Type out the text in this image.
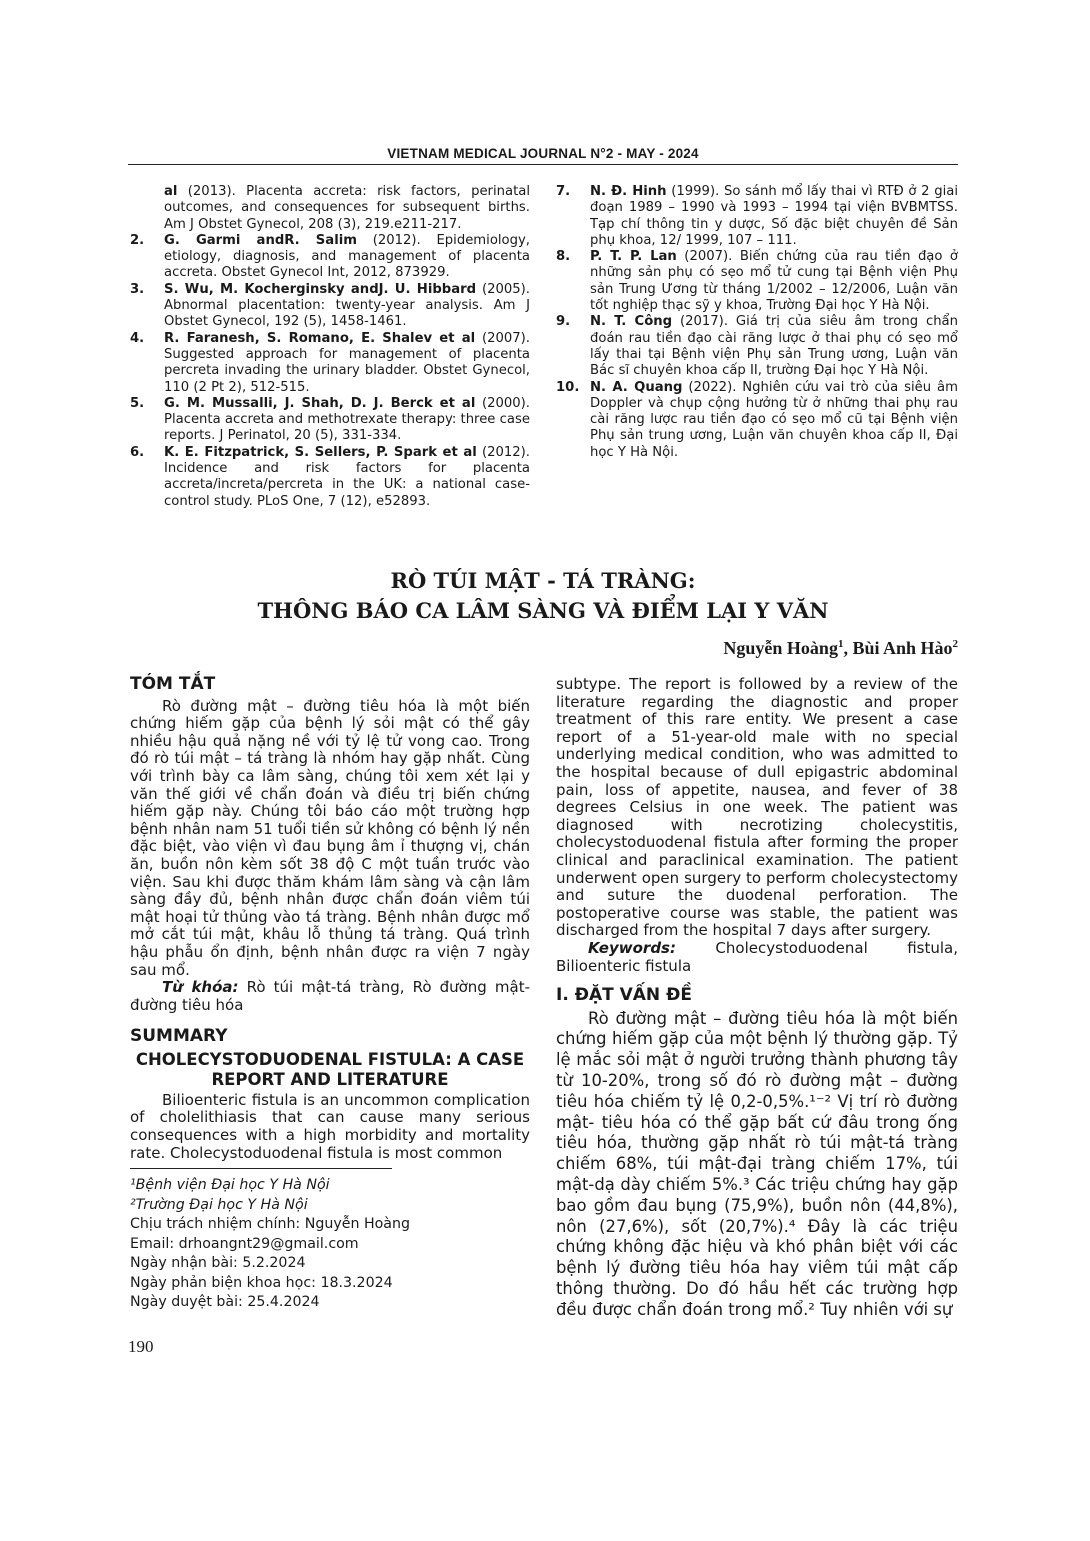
VIETNAM MEDICAL JOURNAL N°2 - MAY - 2024
al (2013). Placenta accreta: risk factors, perinatal outcomes, and consequences for subsequent births. Am J Obstet Gynecol, 208 (3), 219.e211-217.
2.	G. Garmi andR. Salim (2012). Epidemiology, etiology, diagnosis, and management of placenta accreta. Obstet Gynecol Int, 2012, 873929.
3.	S. Wu, M. Kocherginsky andJ. U. Hibbard (2005). Abnormal placentation: twenty-year analysis. Am J Obstet Gynecol, 192 (5), 1458-1461.
4.	R. Faranesh, S. Romano, E. Shalev et al (2007). Suggested approach for management of placenta percreta invading the urinary bladder. Obstet Gynecol, 110 (2 Pt 2), 512-515.
5.	G. M. Mussalli, J. Shah, D. J. Berck et al (2000). Placenta accreta and methotrexate therapy: three case reports. J Perinatol, 20 (5), 331-334.
6.	K. E. Fitzpatrick, S. Sellers, P. Spark et al (2012). Incidence and risk factors for placenta accreta/increta/percreta in the UK: a national case-control study. PLoS One, 7 (12), e52893.
7.	N. Đ. Hinh (1999). So sánh mổ lấy thai vì RTĐ ở 2 giai đoạn 1989 – 1990 và 1993 – 1994 tại viện BVBMTSS. Tạp chí thông tin y dược, Số đặc biệt chuyên đề Sản phụ khoa, 12/ 1999, 107 – 111.
8.	P. T. P. Lan (2007). Biến chứng của rau tiền đạo ở những sản phụ có sẹo mổ tử cung tại Bệnh viện Phụ sản Trung Ương từ tháng 1/2002 – 12/2006, Luận văn tốt nghiệp thạc sỹ y khoa, Trường Đại học Y Hà Nội.
9.	N. T. Công (2017). Giá trị của siêu âm trong chẩn đoán rau tiền đạo cài răng lược ở thai phụ có sẹo mổ lấy thai tại Bệnh viện Phụ sản Trung ương, Luận văn Bác sĩ chuyên khoa cấp II, trường Đại học Y Hà Nội.
10. N. A. Quang (2022). Nghiên cứu vai trò của siêu âm Doppler và chụp cộng hưởng từ ở những thai phụ rau cài răng lược rau tiền đạo có sẹo mổ cũ tại Bệnh viện Phụ sản trung ương, Luận văn chuyên khoa cấp II, Đại học Y Hà Nội.
RÒ TÚI MẬT - TÁ TRÀNG:
THÔNG BÁO CA LÂM SÀNG VÀ ĐIỂM LẠI Y VĂN
Nguyễn Hoàng$^1$, Bùi Anh Hào$^2$
TÓM TẮT

Rò đường mật – đường tiêu hóa là một biến chứng hiếm gặp của bệnh lý sỏi mật có thể gây nhiều hậu quả nặng nề với tỷ lệ tử vong cao. Trong đó rò túi mật – tá tràng là nhóm hay gặp nhất. Cùng với trình bày ca lâm sàng, chúng tôi xem xét lại y văn thế giới về chẩn đoán và điều trị biến chứng hiếm gặp này. Chúng tôi báo cáo một trường hợp bệnh nhân nam 51 tuổi tiền sử không có bệnh lý nền đặc biệt, vào viện vì đau bụng âm ỉ thượng vị, chán ăn, buồn nôn kèm sốt 38 độ C một tuần trước vào viện. Sau khi được thăm khám lâm sàng và cận lâm sàng đầy đủ, bệnh nhân được chẩn đoán viêm túi mật hoại tử thủng vào tá tràng. Bệnh nhân được mổ mở cắt túi mật, khâu lỗ thủng tá tràng. Quá trình hậu phẫu ổn định, bệnh nhân được ra viện 7 ngày sau mổ.

Từ khóa: Rò túi mật-tá tràng, Rò đường mật-đường tiêu hóa

SUMMARY
CHOLECYSTODUODENAL FISTULA: A CASE REPORT AND LITERATURE

Bilioenteric fistula is an uncommon complication of cholelithiasis that can cause many serious consequences with a high morbidity and mortality rate. Cholecystoduodenal fistula is most common

subtype. The report is followed by a review of the literature regarding the diagnostic and proper treatment of this rare entity. We present a case report of a 51-year-old male with no special underlying medical condition, who was admitted to the hospital because of dull epigastric abdominal pain, loss of appetite, nausea, and fever of 38 degrees Celsius in one week. The patient was diagnosed with necrotizing cholecystitis, cholecystoduodenal fistula after forming the proper clinical and paraclinical examination. The patient underwent open surgery to perform cholecystectomy and suture the duodenal perforation. The postoperative course was stable, the patient was discharged from the hospital 7 days after surgery.

Keywords: Cholecystoduodenal fistula, Bilioenteric fistula

I. ĐẶT VẤN ĐỀ

Rò đường mật – đường tiêu hóa là một biến chứng hiếm gặp của một bệnh lý thường gặp. Tỷ lệ mắc sỏi mật ở người trưởng thành phương tây từ 10-20%, trong số đó rò đường mật – đường tiêu hóa chiếm tỷ lệ 0,2-0,5%.¹⁻² Vị trí rò đường mật- tiêu hóa có thể gặp bất cứ đâu trong ống tiêu hóa, thường gặp nhất rò túi mật-tá tràng chiếm 68%, túi mật-đại tràng chiếm 17%, túi mật-dạ dày chiếm 5%.³ Các triệu chứng hay gặp bao gồm đau bụng (75,9%), buồn nôn (44,8%), nôn (27,6%), sốt (20,7%).⁴ Đây là các triệu chứng không đặc hiệu và khó phân biệt với các bệnh lý đường tiêu hóa hay viêm túi mật cấp thông thường. Do đó hầu hết các trường hợp đều được chẩn đoán trong mổ.² Tuy nhiên với sự

¹Bệnh viện Đại học Y Hà Nội
²Trường Đại học Y Hà Nội
Chịu trách nhiệm chính: Nguyễn Hoàng
Email: drhoangnt29@gmail.com
Ngày nhận bài: 5.2.2024
Ngày phản biện khoa học: 18.3.2024
Ngày duyệt bài: 25.4.2024
190
